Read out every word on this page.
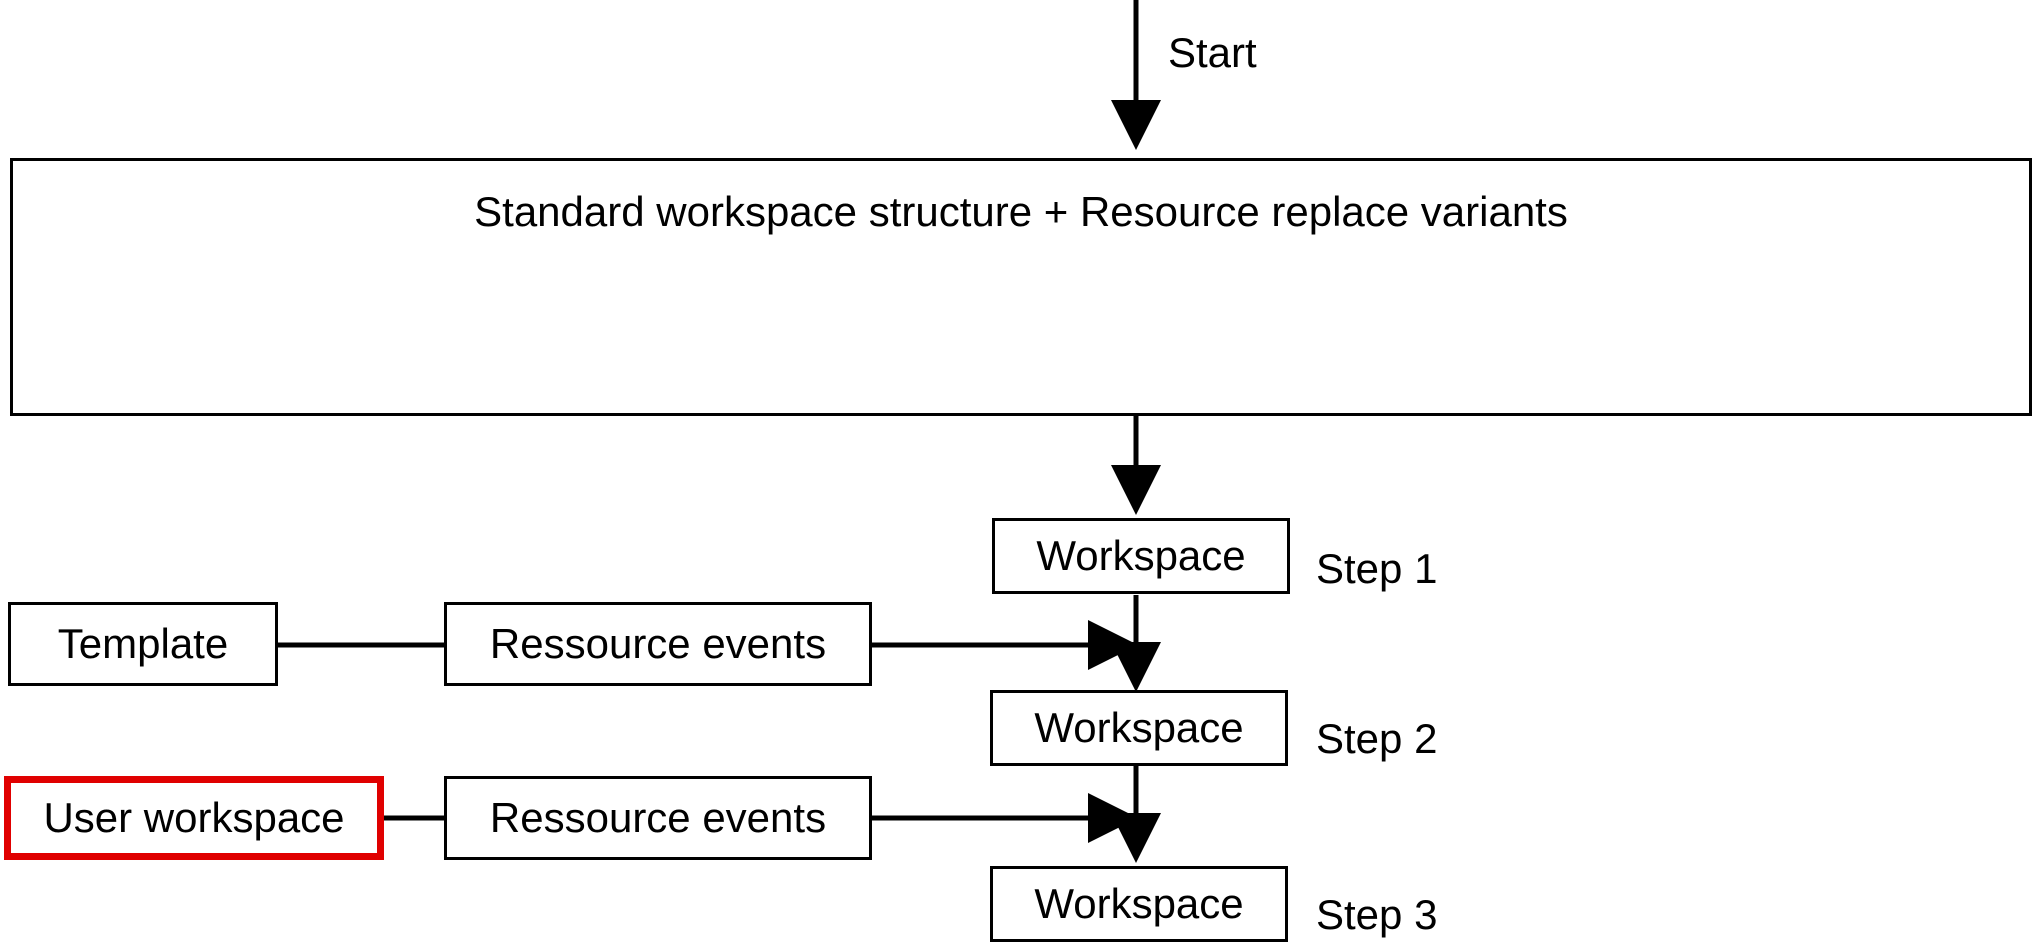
Start
Standard workspace structure + Resource replace variants
Workspace Step 1
Workspace Step 2
Workspace Step 3
Template
User workspace
Ressource events
Ressource events
